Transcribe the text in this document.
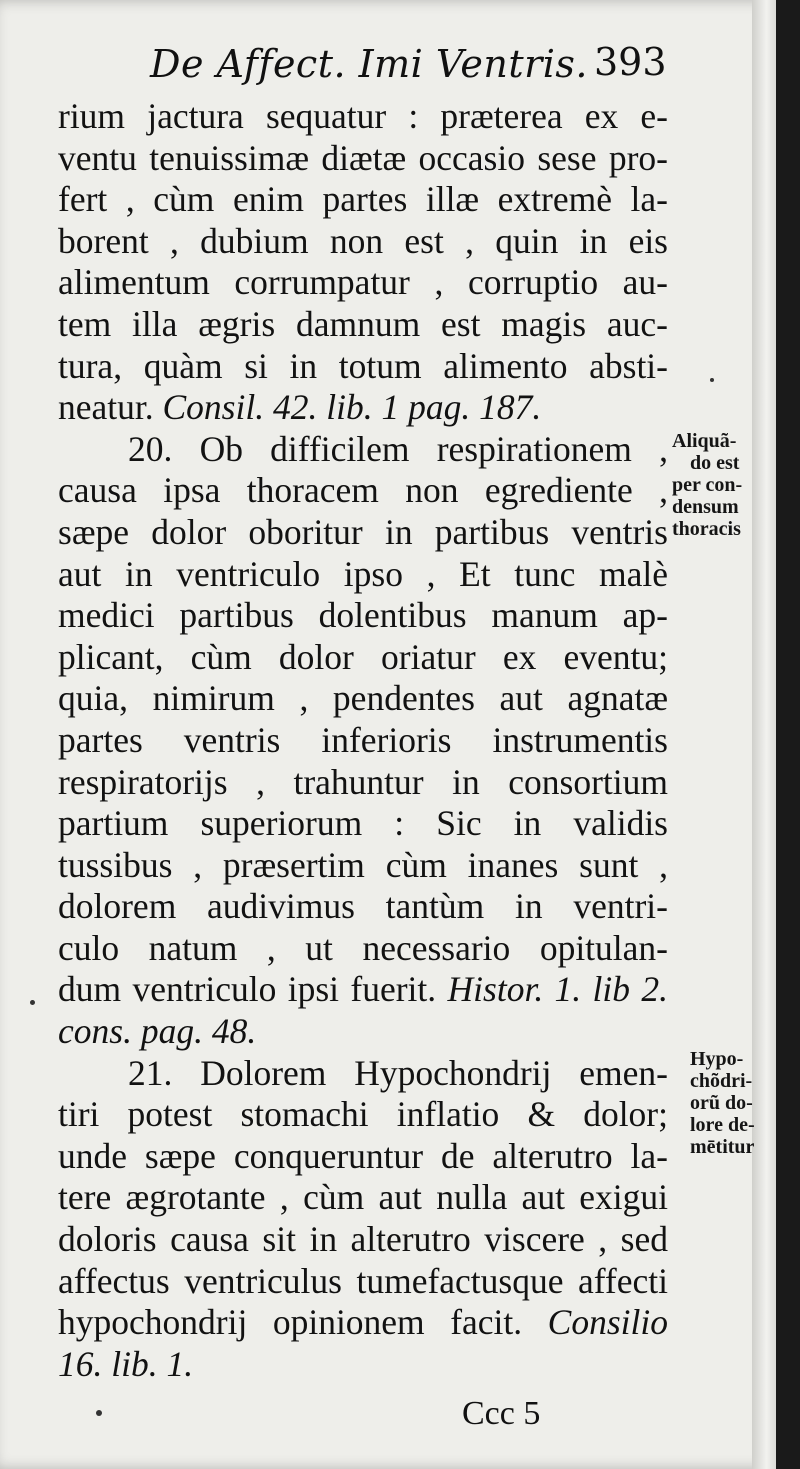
De Affect. Imi Ventris. 393
rium jactura sequatur : præterea ex e-
ventu tenuissimæ diætæ occasio sese pro-
fert , cùm enim partes illæ extremè la-
borent , dubium non est , quin in eis
alimentum corrumpatur , corruptio au-
tem illa ægris damnum est magis auc-
tura, quàm si in totum alimento absti-
neatur. Consil. 42. lib. 1 pag. 187.
20. Ob difficilem respirationem ,
causa ipsa thoracem non egrediente ,
sæpe dolor oboritur in partibus ventris
aut in ventriculo ipso , Et tunc malè
medici partibus dolentibus manum ap-
plicant, cùm dolor oriatur ex eventu;
quia, nimirum , pendentes aut agnatæ
partes ventris inferioris instrumentis
respiratorijs , trahuntur in consortium
partium superiorum : Sic in validis
tussibus , præsertim cùm inanes sunt ,
dolorem audivimus tantùm in ventri-
culo natum , ut necessario opitulan-
dum ventriculo ipsi fuerit. Histor. 1. lib 2.
cons. pag. 48.
21. Dolorem Hypochondrij emen-
tiri potest stomachi inflatio & dolor;
unde sæpe conqueruntur de alterutro la-
tere ægrotante , cùm aut nulla aut exigui
doloris causa sit in alterutro viscere , sed
affectus ventriculus tumefactusque affecti
hypochondrij opinionem facit. Consilio
16. lib. 1.
Aliquã-
do est
per con-
densum
thoracis
Hypo-
chõdri-
orũ do-
lore de-
mētitur
Ccc 5
